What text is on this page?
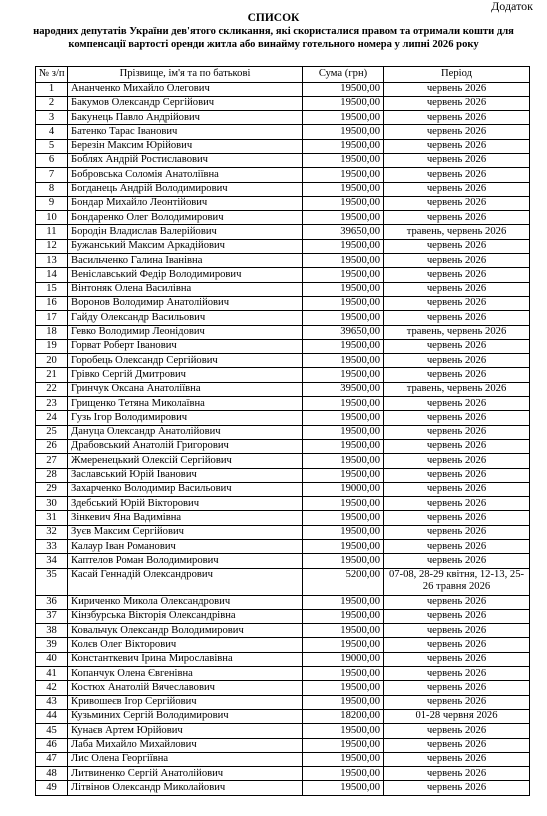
Додаток
СПИСОК
народних депутатів України дев'ятого скликання, які скористалися правом та отримали кошти для
компенсації вартості оренди житла або винайму готельного номера у липні 2026 року
№ з/п	Прізвище, ім'я та по батькові	Сума (грн)	Період
1	Ананченко Михайло Олегович	19500,00	червень 2026
2	Бакумов Олександр Сергійович	19500,00	червень 2026
3	Бакунець Павло Андрійович	19500,00	червень 2026
4	Батенко Тарас Іванович	19500,00	червень 2026
5	Березін Максим Юрійович	19500,00	червень 2026
6	Боблях Андрій Ростиславович	19500,00	червень 2026
7	Бобровська Соломія Анатоліївна	19500,00	червень 2026
8	Богданець Андрій Володимирович	19500,00	червень 2026
9	Бондар Михайло Леонтійович	19500,00	червень 2026
10	Бондаренко Олег Володимирович	19500,00	червень 2026
11	Бородін Владислав Валерійович	39650,00	травень, червень 2026
12	Бужанський Максим Аркадійович	19500,00	червень 2026
13	Васильченко Галина Іванівна	19500,00	червень 2026
14	Веніславський Федір Володимирович	19500,00	червень 2026
15	Вінтоняк Олена Василівна	19500,00	червень 2026
16	Воронов Володимир Анатолійович	19500,00	червень 2026
17	Гайду Олександр Васильович	19500,00	червень 2026
18	Гевко Володимир Леонідович	39650,00	травень, червень 2026
19	Горват Роберт Іванович	19500,00	червень 2026
20	Горобець Олександр Сергійович	19500,00	червень 2026
21	Грівко Сергій Дмитрович	19500,00	червень 2026
22	Гринчук Оксана Анатоліївна	39500,00	травень, червень 2026
23	Грищенко Тетяна Миколаївна	19500,00	червень 2026
24	Гузь Ігор Володимирович	19500,00	червень 2026
25	Дануца Олександр Анатолійович	19500,00	червень 2026
26	Драбовський Анатолій Григорович	19500,00	червень 2026
27	Жмеренецький Олексій Сергійович	19500,00	червень 2026
28	Заславський Юрій Іванович	19500,00	червень 2026
29	Захарченко Володимир Васильович	19000,00	червень 2026
30	Здебський Юрій Вікторович	19500,00	червень 2026
31	Зінкевич Яна Вадимівна	19500,00	червень 2026
32	Зуєв Максим Сергійович	19500,00	червень 2026
33	Калаур Іван Романович	19500,00	червень 2026
34	Каптелов Роман Володимирович	19500,00	червень 2026
35	Касай Геннадій Олександрович	5200,00	07-08, 28-29 квітня, 12-13, 25-26 травня 2026
36	Кириченко Микола Олександрович	19500,00	червень 2026
37	Кінзбурська Вікторія Олександрівна	19500,00	червень 2026
38	Ковальчук Олександр Володимирович	19500,00	червень 2026
39	Колєв Олег Вікторович	19500,00	червень 2026
40	Константкевич Ірина Мирославівна	19000,00	червень 2026
41	Копанчук Олена Євгенівна	19500,00	червень 2026
42	Костюх Анатолій Вячеславович	19500,00	червень 2026
43	Кривошеєв Ігор Сергійович	19500,00	червень 2026
44	Кузьминих Сергій Володимирович	18200,00	01-28 червня 2026
45	Кунаєв Артем Юрійович	19500,00	червень 2026
46	Лаба Михайло Михайлович	19500,00	червень 2026
47	Лис Олена Георгіївна	19500,00	червень 2026
48	Литвиненко Сергій Анатолійович	19500,00	червень 2026
49	Літвінов Олександр Миколайович	19500,00	червень 2026
